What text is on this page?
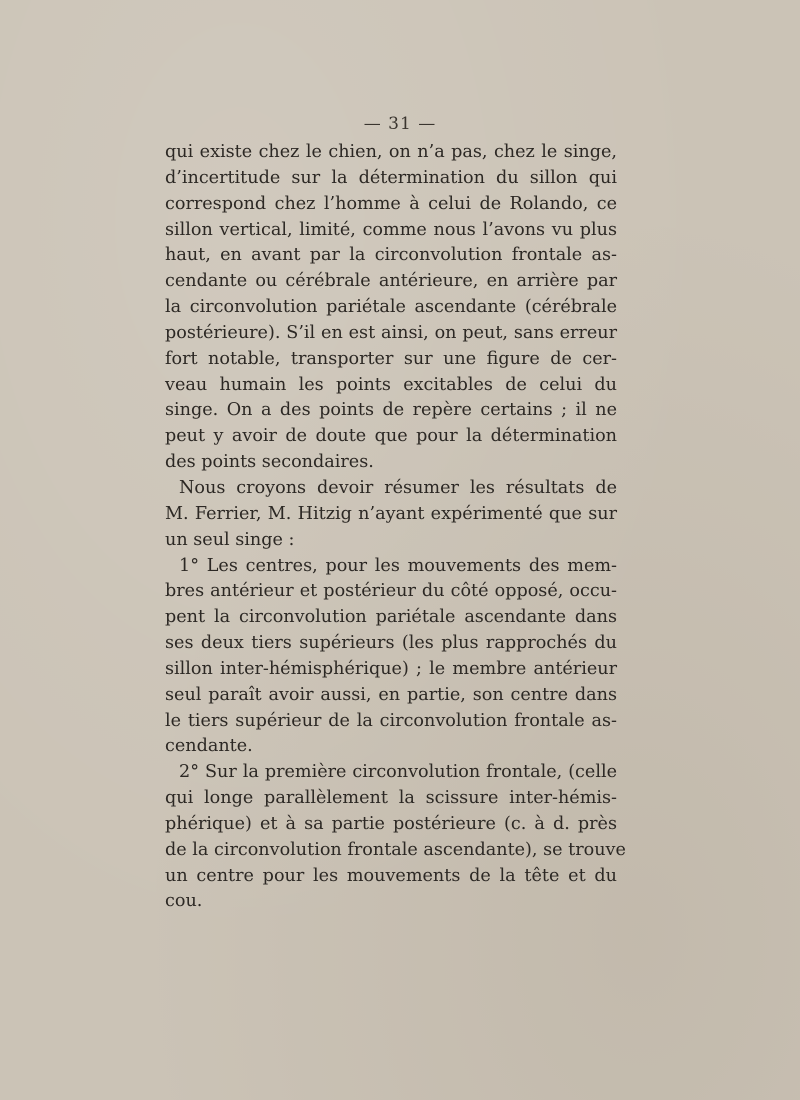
— 31 —
qui existe chez le chien, on n’a pas, chez le singe,
d’incertitude sur la détermination du sillon qui
correspond chez l’homme à celui de Rolando, ce
sillon vertical, limité, comme nous l’avons vu plus
haut, en avant par la circonvolution frontale as-
cendante ou cérébrale antérieure, en arrière par
la circonvolution pariétale ascendante (cérébrale
postérieure). S’il en est ainsi, on peut, sans erreur
fort notable, transporter sur une figure de cer-
veau humain les points excitables de celui du
singe. On a des points de repère certains ; il ne
peut y avoir de doute que pour la détermination
des points secondaires.
Nous croyons devoir résumer les résultats de
M. Ferrier, M. Hitzig n’ayant expérimenté que sur
un seul singe :
1° Les centres, pour les mouvements des mem-
bres antérieur et postérieur du côté opposé, occu-
pent la circonvolution pariétale ascendante dans
ses deux tiers supérieurs (les plus rapprochés du
sillon inter-hémisphérique) ; le membre antérieur
seul paraît avoir aussi, en partie, son centre dans
le tiers supérieur de la circonvolution frontale as-
cendante.
2° Sur la première circonvolution frontale, (celle
qui longe parallèlement la scissure inter-hémis-
phérique) et à sa partie postérieure (c. à d. près
de la circonvolution frontale ascendante), se trouve
un centre pour les mouvements de la tête et du
cou.
